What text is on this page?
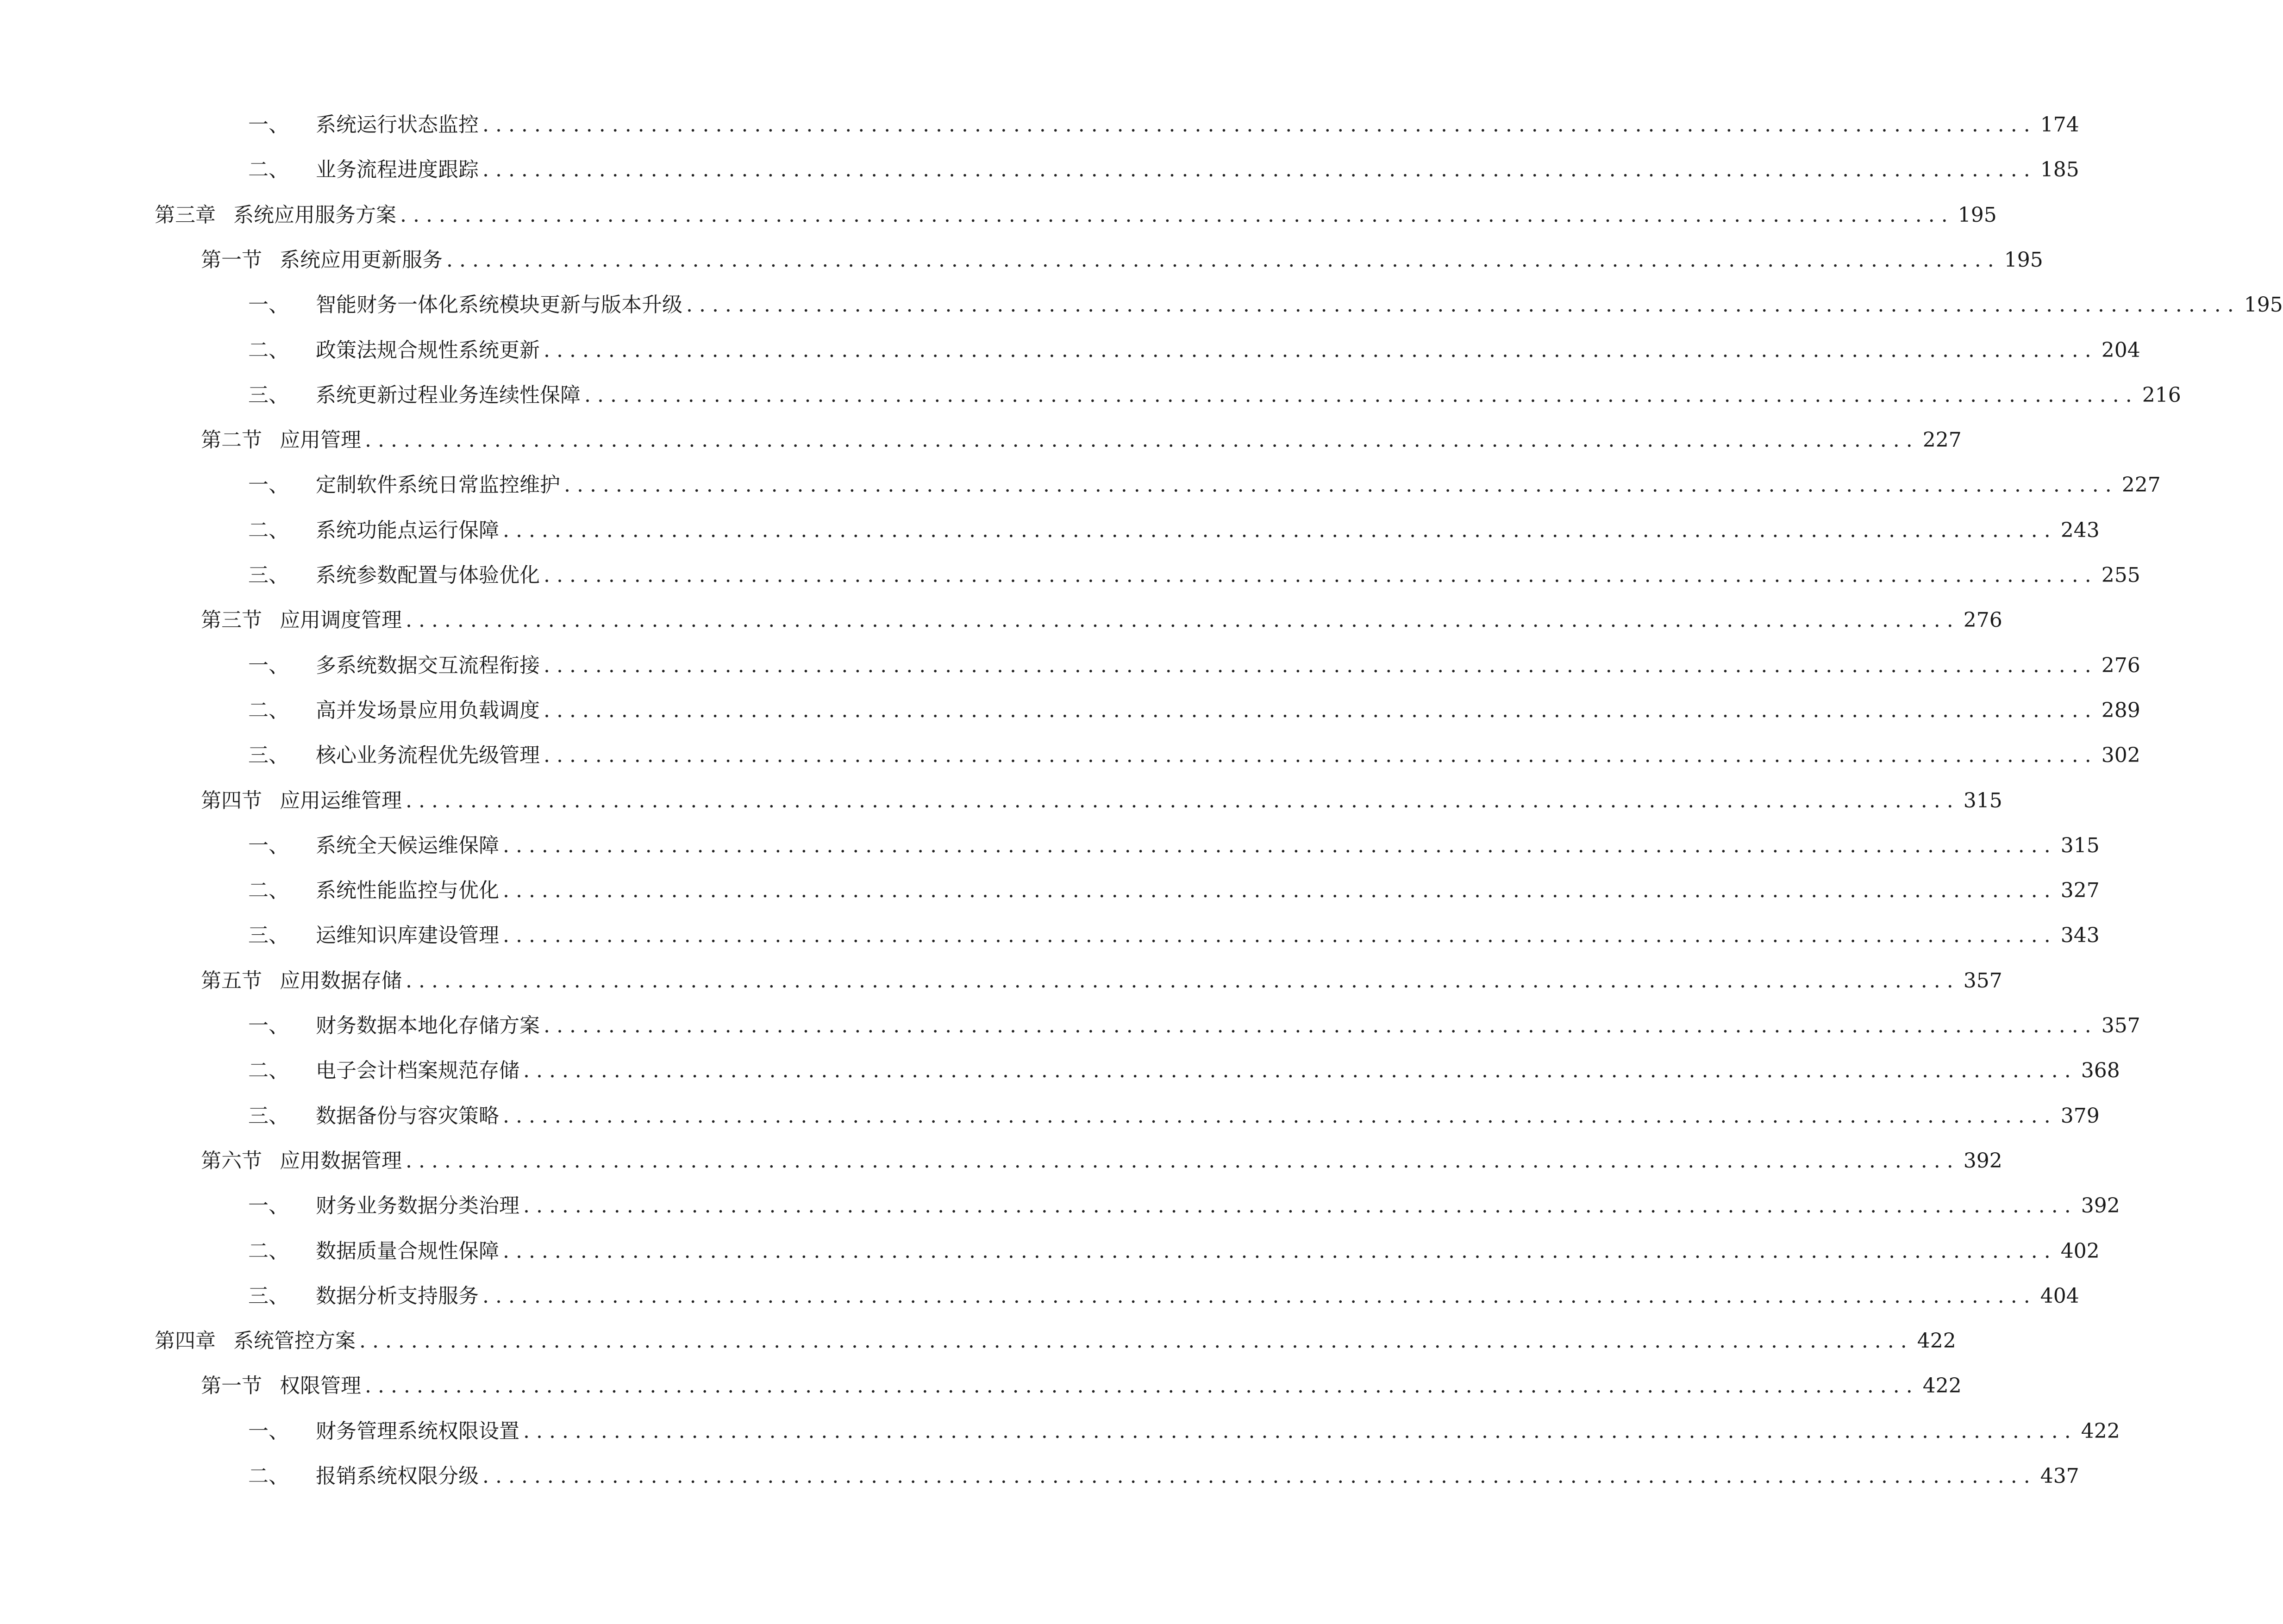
一、	系统运行状态监控 . . . . . . . . . . . . . . . . . . . . . . . . . . . . . . . . . . . . . . . . . . . . . . . . . . . . . . . . . . . . . . . . . . . . . . . . . . . . . . . . . . . . . . . . . . . . . . . . . . . . . . . . . . . . . . . . . . . . . . . . 174
二、	业务流程进度跟踪 . . . . . . . . . . . . . . . . . . . . . . . . . . . . . . . . . . . . . . . . . . . . . . . . . . . . . . . . . . . . . . . . . . . . . . . . . . . . . . . . . . . . . . . . . . . . . . . . . . . . . . . . . . . . . . . . . . . . . . . . 185
第三章 系统应用服务方案 . . . . . . . . . . . . . . . . . . . . . . . . . . . . . . . . . . . . . . . . . . . . . . . . . . . . . . . . . . . . . . . . . . . . . . . . . . . . . . . . . . . . . . . . . . . . . . . . . . . . . . . . . . . . . . . . . . . . . . . . 195
第一节 系统应用更新服务 . . . . . . . . . . . . . . . . . . . . . . . . . . . . . . . . . . . . . . . . . . . . . . . . . . . . . . . . . . . . . . . . . . . . . . . . . . . . . . . . . . . . . . . . . . . . . . . . . . . . . . . . . . . . . . . . . . . . . . . . 195
一、	智能财务一体化系统模块更新与版本升级 . . . . . . . . . . . . . . . . . . . . . . . . . . . . . . . . . . . . . . . . . . . . . . . . . . . . . . . . . . . . . . . . . . . . . . . . . . . . . . . . . . . . . . . . . . . . . . . . . . . . . . . . . . . . . . . . . . . . . . . . 195
二、	政策法规合规性系统更新 . . . . . . . . . . . . . . . . . . . . . . . . . . . . . . . . . . . . . . . . . . . . . . . . . . . . . . . . . . . . . . . . . . . . . . . . . . . . . . . . . . . . . . . . . . . . . . . . . . . . . . . . . . . . . . . . . . . . . . . . 204
三、	系统更新过程业务连续性保障 . . . . . . . . . . . . . . . . . . . . . . . . . . . . . . . . . . . . . . . . . . . . . . . . . . . . . . . . . . . . . . . . . . . . . . . . . . . . . . . . . . . . . . . . . . . . . . . . . . . . . . . . . . . . . . . . . . . . . . . . 216
第二节 应用管理 . . . . . . . . . . . . . . . . . . . . . . . . . . . . . . . . . . . . . . . . . . . . . . . . . . . . . . . . . . . . . . . . . . . . . . . . . . . . . . . . . . . . . . . . . . . . . . . . . . . . . . . . . . . . . . . . . . . . . . . . 227
一、	定制软件系统日常监控维护 . . . . . . . . . . . . . . . . . . . . . . . . . . . . . . . . . . . . . . . . . . . . . . . . . . . . . . . . . . . . . . . . . . . . . . . . . . . . . . . . . . . . . . . . . . . . . . . . . . . . . . . . . . . . . . . . . . . . . . . . 227
二、	系统功能点运行保障 . . . . . . . . . . . . . . . . . . . . . . . . . . . . . . . . . . . . . . . . . . . . . . . . . . . . . . . . . . . . . . . . . . . . . . . . . . . . . . . . . . . . . . . . . . . . . . . . . . . . . . . . . . . . . . . . . . . . . . . . 243
三、	系统参数配置与体验优化 . . . . . . . . . . . . . . . . . . . . . . . . . . . . . . . . . . . . . . . . . . . . . . . . . . . . . . . . . . . . . . . . . . . . . . . . . . . . . . . . . . . . . . . . . . . . . . . . . . . . . . . . . . . . . . . . . . . . . . . . 255
第三节 应用调度管理 . . . . . . . . . . . . . . . . . . . . . . . . . . . . . . . . . . . . . . . . . . . . . . . . . . . . . . . . . . . . . . . . . . . . . . . . . . . . . . . . . . . . . . . . . . . . . . . . . . . . . . . . . . . . . . . . . . . . . . . . 276
一、	多系统数据交互流程衔接 . . . . . . . . . . . . . . . . . . . . . . . . . . . . . . . . . . . . . . . . . . . . . . . . . . . . . . . . . . . . . . . . . . . . . . . . . . . . . . . . . . . . . . . . . . . . . . . . . . . . . . . . . . . . . . . . . . . . . . . . 276
二、	高并发场景应用负载调度 . . . . . . . . . . . . . . . . . . . . . . . . . . . . . . . . . . . . . . . . . . . . . . . . . . . . . . . . . . . . . . . . . . . . . . . . . . . . . . . . . . . . . . . . . . . . . . . . . . . . . . . . . . . . . . . . . . . . . . . . 289
三、	核心业务流程优先级管理 . . . . . . . . . . . . . . . . . . . . . . . . . . . . . . . . . . . . . . . . . . . . . . . . . . . . . . . . . . . . . . . . . . . . . . . . . . . . . . . . . . . . . . . . . . . . . . . . . . . . . . . . . . . . . . . . . . . . . . . . 302
第四节 应用运维管理 . . . . . . . . . . . . . . . . . . . . . . . . . . . . . . . . . . . . . . . . . . . . . . . . . . . . . . . . . . . . . . . . . . . . . . . . . . . . . . . . . . . . . . . . . . . . . . . . . . . . . . . . . . . . . . . . . . . . . . . . 315
一、	系统全天候运维保障 . . . . . . . . . . . . . . . . . . . . . . . . . . . . . . . . . . . . . . . . . . . . . . . . . . . . . . . . . . . . . . . . . . . . . . . . . . . . . . . . . . . . . . . . . . . . . . . . . . . . . . . . . . . . . . . . . . . . . . . . 315
二、	系统性能监控与优化 . . . . . . . . . . . . . . . . . . . . . . . . . . . . . . . . . . . . . . . . . . . . . . . . . . . . . . . . . . . . . . . . . . . . . . . . . . . . . . . . . . . . . . . . . . . . . . . . . . . . . . . . . . . . . . . . . . . . . . . . 327
三、	运维知识库建设管理 . . . . . . . . . . . . . . . . . . . . . . . . . . . . . . . . . . . . . . . . . . . . . . . . . . . . . . . . . . . . . . . . . . . . . . . . . . . . . . . . . . . . . . . . . . . . . . . . . . . . . . . . . . . . . . . . . . . . . . . . 343
第五节 应用数据存储 . . . . . . . . . . . . . . . . . . . . . . . . . . . . . . . . . . . . . . . . . . . . . . . . . . . . . . . . . . . . . . . . . . . . . . . . . . . . . . . . . . . . . . . . . . . . . . . . . . . . . . . . . . . . . . . . . . . . . . . . 357
一、	财务数据本地化存储方案 . . . . . . . . . . . . . . . . . . . . . . . . . . . . . . . . . . . . . . . . . . . . . . . . . . . . . . . . . . . . . . . . . . . . . . . . . . . . . . . . . . . . . . . . . . . . . . . . . . . . . . . . . . . . . . . . . . . . . . . . 357
二、	电子会计档案规范存储 . . . . . . . . . . . . . . . . . . . . . . . . . . . . . . . . . . . . . . . . . . . . . . . . . . . . . . . . . . . . . . . . . . . . . . . . . . . . . . . . . . . . . . . . . . . . . . . . . . . . . . . . . . . . . . . . . . . . . . . . 368
三、	数据备份与容灾策略 . . . . . . . . . . . . . . . . . . . . . . . . . . . . . . . . . . . . . . . . . . . . . . . . . . . . . . . . . . . . . . . . . . . . . . . . . . . . . . . . . . . . . . . . . . . . . . . . . . . . . . . . . . . . . . . . . . . . . . . . 379
第六节 应用数据管理 . . . . . . . . . . . . . . . . . . . . . . . . . . . . . . . . . . . . . . . . . . . . . . . . . . . . . . . . . . . . . . . . . . . . . . . . . . . . . . . . . . . . . . . . . . . . . . . . . . . . . . . . . . . . . . . . . . . . . . . . 392
一、	财务业务数据分类治理 . . . . . . . . . . . . . . . . . . . . . . . . . . . . . . . . . . . . . . . . . . . . . . . . . . . . . . . . . . . . . . . . . . . . . . . . . . . . . . . . . . . . . . . . . . . . . . . . . . . . . . . . . . . . . . . . . . . . . . . . 392
二、	数据质量合规性保障 . . . . . . . . . . . . . . . . . . . . . . . . . . . . . . . . . . . . . . . . . . . . . . . . . . . . . . . . . . . . . . . . . . . . . . . . . . . . . . . . . . . . . . . . . . . . . . . . . . . . . . . . . . . . . . . . . . . . . . . . 402
三、	数据分析支持服务 . . . . . . . . . . . . . . . . . . . . . . . . . . . . . . . . . . . . . . . . . . . . . . . . . . . . . . . . . . . . . . . . . . . . . . . . . . . . . . . . . . . . . . . . . . . . . . . . . . . . . . . . . . . . . . . . . . . . . . . . 404
第四章 系统管控方案 . . . . . . . . . . . . . . . . . . . . . . . . . . . . . . . . . . . . . . . . . . . . . . . . . . . . . . . . . . . . . . . . . . . . . . . . . . . . . . . . . . . . . . . . . . . . . . . . . . . . . . . . . . . . . . . . . . . . . . . . 422
第一节 权限管理 . . . . . . . . . . . . . . . . . . . . . . . . . . . . . . . . . . . . . . . . . . . . . . . . . . . . . . . . . . . . . . . . . . . . . . . . . . . . . . . . . . . . . . . . . . . . . . . . . . . . . . . . . . . . . . . . . . . . . . . . 422
一、	财务管理系统权限设置 . . . . . . . . . . . . . . . . . . . . . . . . . . . . . . . . . . . . . . . . . . . . . . . . . . . . . . . . . . . . . . . . . . . . . . . . . . . . . . . . . . . . . . . . . . . . . . . . . . . . . . . . . . . . . . . . . . . . . . . . 422
二、	报销系统权限分级 . . . . . . . . . . . . . . . . . . . . . . . . . . . . . . . . . . . . . . . . . . . . . . . . . . . . . . . . . . . . . . . . . . . . . . . . . . . . . . . . . . . . . . . . . . . . . . . . . . . . . . . . . . . . . . . . . . . . . . . . 437
